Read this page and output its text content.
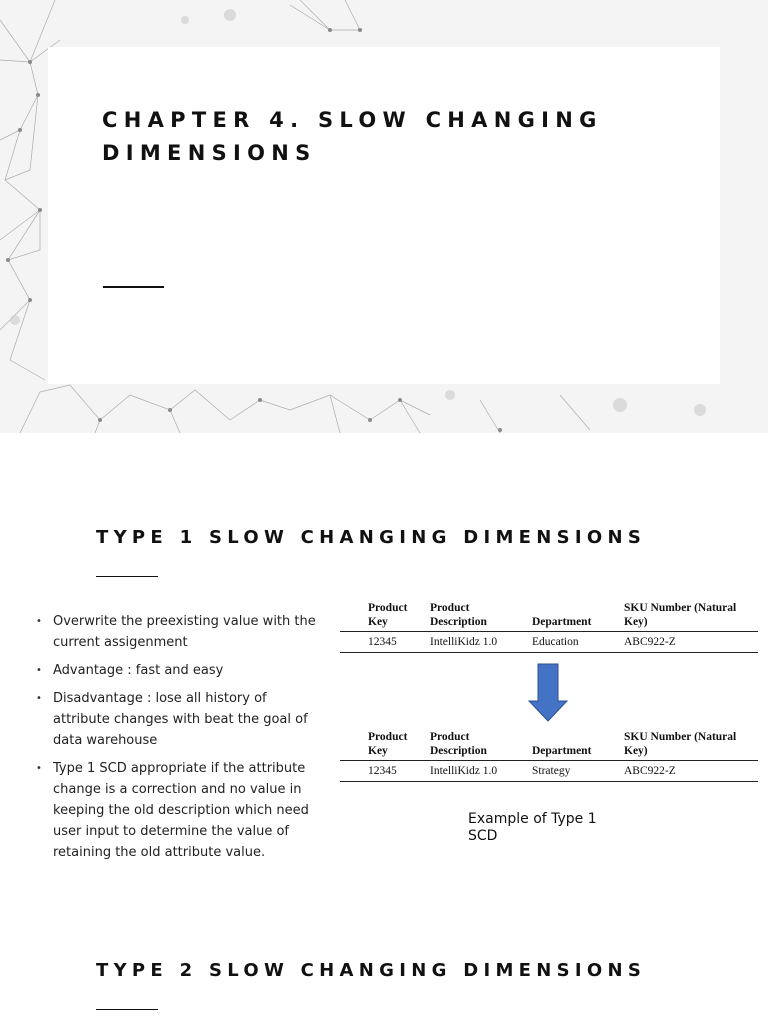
CHAPTER 4. SLOW CHANGING DIMENSIONS
TYPE 1 SLOW CHANGING DIMENSIONS
• Overwrite the preexisting value with the current assigenment
• Advantage : fast and easy
• Disadvantage : lose all history of attribute changes with beat the goal of data warehouse
• Type 1 SCD appropriate if the attribute change is a correction and no value in keeping the old description which need user input to determine the value of retaining the old attribute value.
Product Key	Product Description	Department	SKU Number (Natural Key)
12345	IntelliKidz 1.0	Education	ABC922-Z
Product Key	Product Description	Department	SKU Number (Natural Key)
12345	IntelliKidz 1.0	Strategy	ABC922-Z
Example of Type 1 SCD
TYPE 2 SLOW CHANGING DIMENSIONS
